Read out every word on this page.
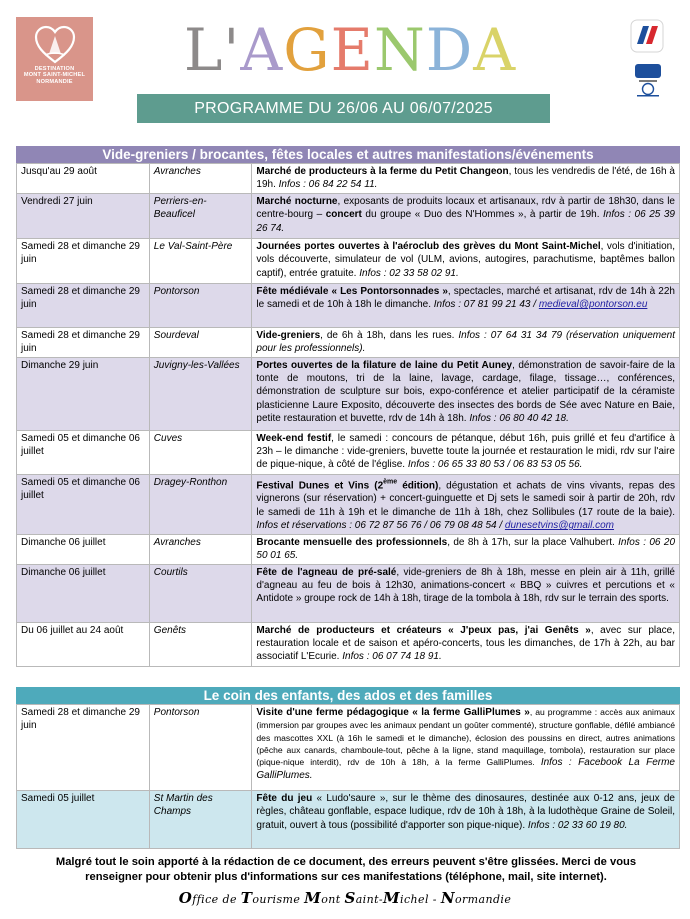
DESTINATION
MONT SAINT-MICHEL
NORMANDIE L ' A G E N D A
PROGRAMME DU 26/06 AU 06/07/2025
Vide-greniers / brocantes, fêtes locales et autres manifestations/événements
Jusqu'au 29 août	Avranches	Marché de producteurs à la ferme du Petit Changeon, tous les vendredis de l'été, de 16h à 19h. Infos : 06 84 22 54 11.
Vendredi 27 juin	Perriers-en-Beauficel	Marché nocturne, exposants de produits locaux et artisanaux, rdv à partir de 18h30, dans le centre-bourg – concert du groupe « Duo des N'Hommes », à partir de 19h. Infos : 06 25 39 26 74.
Samedi 28 et dimanche 29 juin	Le Val-Saint-Père	Journées portes ouvertes à l'aéroclub des grèves du Mont Saint-Michel, vols d'initiation, vols découverte, simulateur de vol (ULM, avions, autogires, parachutisme, baptêmes ballon captif), entrée gratuite. Infos : 02 33 58 02 91.
Samedi 28 et dimanche 29 juin	Pontorson	Fête médiévale « Les Pontorsonnades », spectacles, marché et artisanat, rdv de 14h à 22h le samedi et de 10h à 18h le dimanche. Infos : 07 81 99 21 43 / medieval@pontorson.eu
Samedi 28 et dimanche 29 juin	Sourdeval	Vide-greniers, de 6h à 18h, dans les rues. Infos : 07 64 31 34 79 (réservation uniquement pour les professionnels).
Dimanche 29 juin	Juvigny-les-Vallées	Portes ouvertes de la filature de laine du Petit Auney, démonstration de savoir-faire de la tonte de moutons, tri de la laine, lavage, cardage, filage, tissage…, conférences, démonstration de sculpture sur bois, expo-conférence et atelier participatif de la céramiste plasticienne Laure Exposito, découverte des insectes des bords de Sée avec Nature en Baie, petite restauration et buvette, rdv de 14h à 18h. Infos : 06 80 40 42 18.
Samedi 05 et dimanche 06 juillet	Cuves	Week-end festif, le samedi : concours de pétanque, début 16h, puis grillé et feu d'artifice à 23h – le dimanche : vide-greniers, buvette toute la journée et restauration le midi, rdv sur l'aire de pique-nique, à côté de l'église. Infos : 06 65 33 80 53 / 06 83 53 05 56.
Samedi 05 et dimanche 06 juillet	Dragey-Ronthon	Festival Dunes et Vins (2ème édition), dégustation et achats de vins vivants, repas des vignerons (sur réservation) + concert-guinguette et Dj sets le samedi soir à partir de 20h, rdv le samedi de 11h à 19h et le dimanche de 11h à 18h, chez Sollibules (17 route de la baie). Infos et réservations : 06 72 87 56 76 / 06 79 08 48 54 / dunesetvins@gmail.com
Dimanche 06 juillet	Avranches	Brocante mensuelle des professionnels, de 8h à 17h, sur la place Valhubert. Infos : 06 20 50 01 65.
Dimanche 06 juillet	Courtils	Fête de l'agneau de pré-salé, vide-greniers de 8h à 18h, messe en plein air à 11h, grillé d'agneau au feu de bois à 12h30, animations-concert « BBQ » cuivres et percutions et « Antidote » groupe rock de 14h à 18h, tirage de la tombola à 18h, rdv sur le terrain des sports.
Du 06 juillet au 24 août	Genêts	Marché de producteurs et créateurs « J'peux pas, j'ai Genêts », avec sur place, restauration locale et de saison et apéro-concerts, tous les dimanches, de 17h à 22h, au bar associatif L'Ecurie. Infos : 06 07 74 18 91.
Le coin des enfants, des ados et des familles
Samedi 28 et dimanche 29 juin	Pontorson	Visite d'une ferme pédagogique « la ferme GalliPlumes », au programme : accès aux animaux (immersion par groupes avec les animaux pendant un goûter commenté), structure gonflable, défilé ambiancé des mascottes XXL (à 16h le samedi et le dimanche), éclosion des poussins en direct, autres animations (pêche aux canards, chamboule-tout, pêche à la ligne, stand maquillage, tombola), restauration sur place (pique-nique interdit), rdv de 10h à 18h, à la ferme GalliPlumes. Infos : Facebook La Ferme GalliPlumes.
Samedi 05 juillet	St Martin des Champs	Fête du jeu « Ludo'saure », sur le thème des dinosaures, destinée aux 0-12 ans, jeux de règles, château gonflable, espace ludique, rdv de 10h à 18h, à la ludothèque Graine de Soleil, gratuit, ouvert à tous (possibilité d'apporter son pique-nique). Infos : 02 33 60 19 80.
Malgré tout le soin apporté à la rédaction de ce document, des erreurs peuvent s'être glissées. Merci de vous renseigner pour obtenir plus d'informations sur ces manifestations (téléphone, mail, site internet).
Office de Tourisme Mont Saint-Michel - Normandie
